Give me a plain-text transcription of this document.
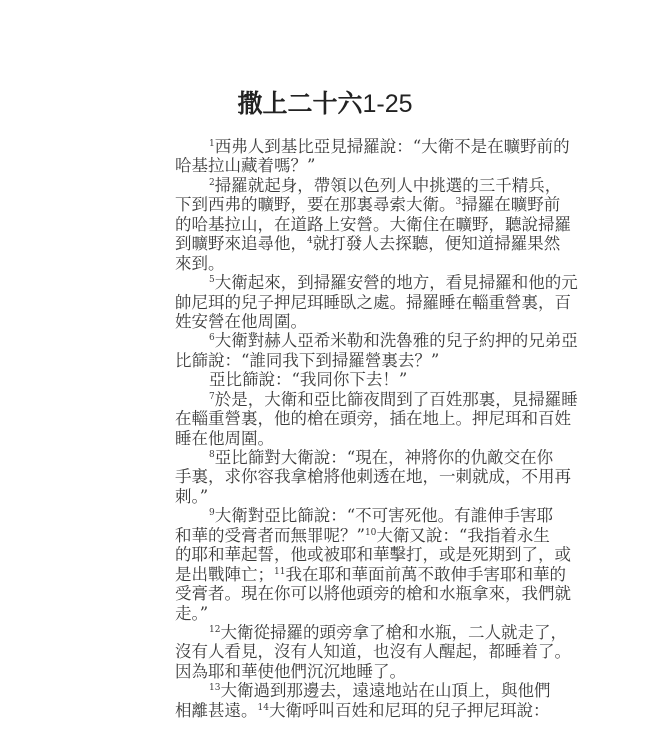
撒上二十六1-25
$^1$西弗人到基比亞見掃羅說：“大衛不是在曠野前的
哈基拉山藏着嗎？”
$^2$掃羅就起身，帶領以色列人中挑選的三千精兵，
下到西弗的曠野，要在那裏尋索大衛。$^3$掃羅在曠野前
的哈基拉山，在道路上安營。大衛住在曠野，聽說掃羅
到曠野來追尋他，$^4$就打發人去探聽，便知道掃羅果然
來到。
$^5$大衛起來，到掃羅安營的地方，看見掃羅和他的元
帥尼珥的兒子押尼珥睡臥之處。掃羅睡在輜重營裏，百
姓安營在他周圍。
$^6$大衛對赫人亞希米勒和洗魯雅的兒子約押的兄弟亞
比篩說：“誰同我下到掃羅營裏去？”
亞比篩說：“我同你下去！”
$^7$於是，大衛和亞比篩夜間到了百姓那裏，見掃羅睡
在輜重營裏，他的槍在頭旁，插在地上。押尼珥和百姓
睡在他周圍。
$^8$亞比篩對大衛說：“現在，神將你的仇敵交在你
手裏，求你容我拿槍將他刺透在地，一刺就成，不用再
刺。”
$^9$大衛對亞比篩說：“不可害死他。有誰伸手害耶
和華的受膏者而無罪呢？”$^{10}$大衛又說：“我指着永生
的耶和華起誓，他或被耶和華擊打，或是死期到了，或
是出戰陣亡；$^{11}$我在耶和華面前萬不敢伸手害耶和華的
受膏者。現在你可以將他頭旁的槍和水瓶拿來，我們就
走。”
$^{12}$大衛從掃羅的頭旁拿了槍和水瓶，二人就走了，
沒有人看見，沒有人知道，也沒有人醒起，都睡着了。
因為耶和華使他們沉沉地睡了。
$^{13}$大衛過到那邊去，遠遠地站在山頂上，與他們
相離甚遠。$^{14}$大衛呼叫百姓和尼珥的兒子押尼珥說：
